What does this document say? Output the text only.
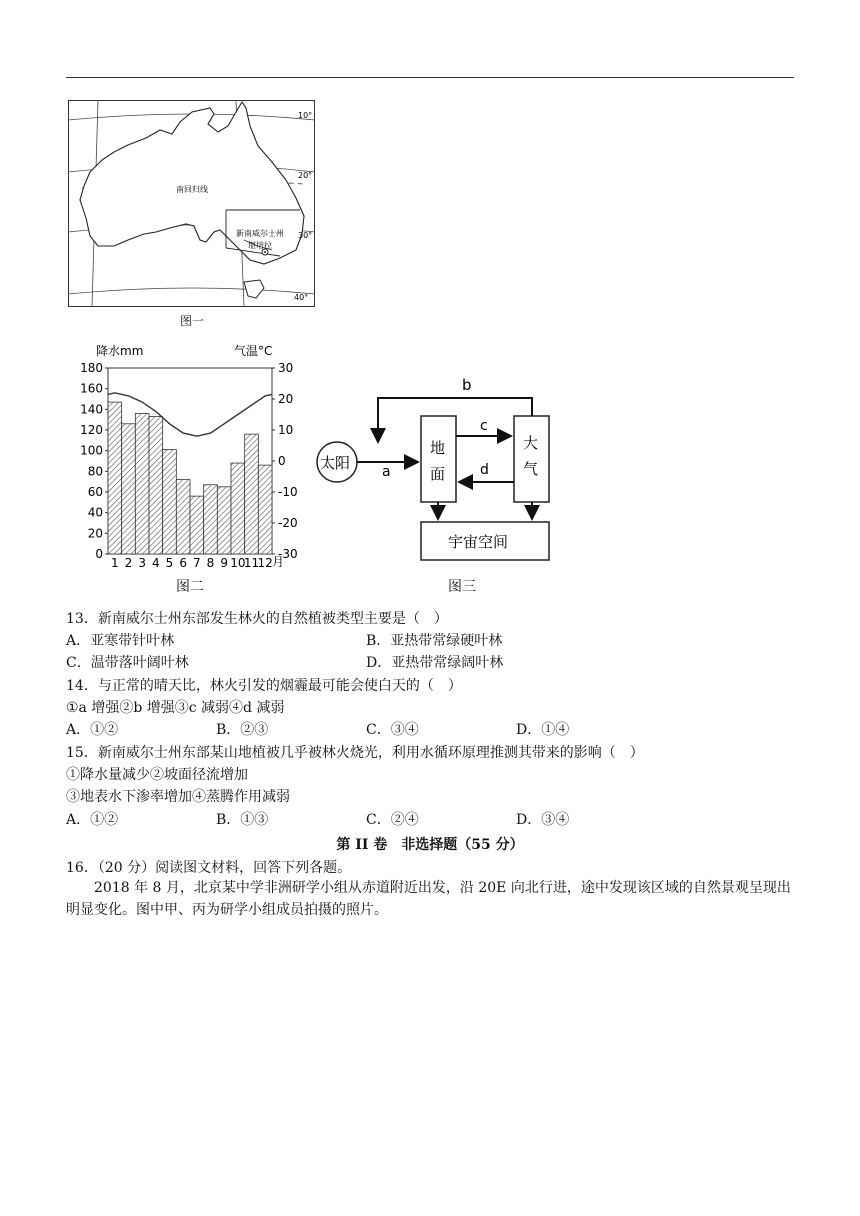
10°
20°
30°
40°
南回归线
新南威尔士州
堪培拉
图一
降水mm	气温°C
0
20
40
60
80
100
120
140
160
180
-30
-20
-10
0
10
20
30
1 2 3 4 5 6 7 8 9 10
11
12 月
图二
太阳
地
面
大
气
宇宙空间
a
b
c
d
图三
13．新南威尔士州东部发生林火的自然植被类型主要是（　）
A．亚寒带针叶林	B．亚热带常绿硬叶林
C．温带落叶阔叶林	D．亚热带常绿阔叶林
14．与正常的晴天比，林火引发的烟霾最可能会使白天的（　）
①a 增强②b 增强③c 减弱④d 减弱
A．①②	B．②③	C．③④	D．①④
15．新南威尔士州东部某山地植被几乎被林火烧光，利用水循环原理推测其带来的影响（　）
①降水量减少②坡面径流增加
③地表水下渗率增加④蒸腾作用减弱
A．①②	B．①③	C．②④	D．③④
第 II 卷　非选择题（55 分）
16．（20 分）阅读图文材料，回答下列各题。
2018 年 8 月，北京某中学非洲研学小组从赤道附近出发，沿 20E 向北行进，途中发现该区域的自然景观呈现出明显变化。图中甲、丙为研学小组成员拍摄的照片。
